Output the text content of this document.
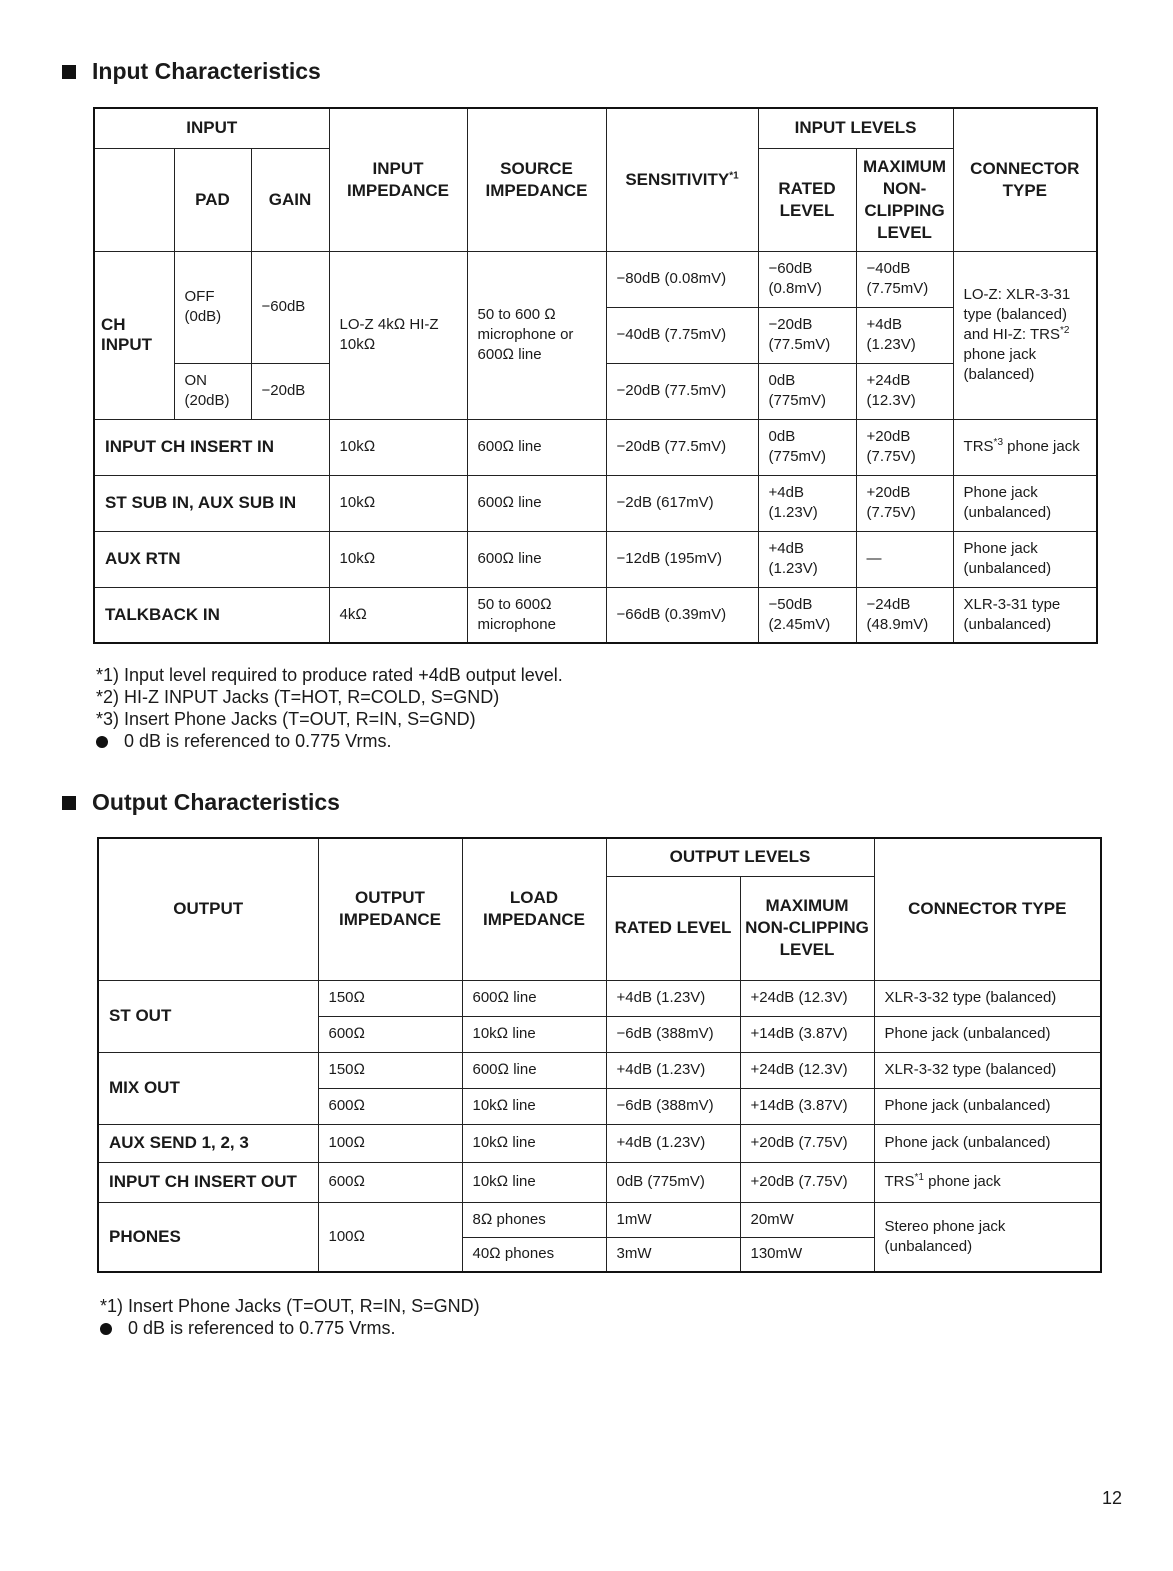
Input Characteristics
INPUT			INPUT IMPEDANCE	SOURCE IMPEDANCE	SENSITIVITY$^{*1}$	INPUT LEVELS		CONNECTOR TYPE
	PAD	GAIN				RATED LEVEL	MAXIMUM NON-CLIPPING LEVEL	
CH INPUT	OFF (0dB)	−60dB	LO-Z 4kΩ HI-Z 10kΩ	50 to 600 Ω microphone or 600Ω line	−80dB (0.08mV)	−60dB (0.8mV)	−40dB (7.75mV)	LO-Z: XLR-3-31 type (balanced) and HI-Z: TRS$^{*2}$ phone jack (balanced)
					−40dB (7.75mV)	−20dB (77.5mV)	+4dB (1.23V)	
	ON (20dB)	−20dB			−20dB (77.5mV)	0dB (775mV)	+24dB (12.3V)	
INPUT CH INSERT IN			10kΩ	600Ω line	−20dB (77.5mV)	0dB (775mV)	+20dB (7.75V)	TRS$^{*3}$ phone jack
ST SUB IN, AUX SUB IN			10kΩ	600Ω line	−2dB (617mV)	+4dB (1.23V)	+20dB (7.75V)	Phone jack (unbalanced)
AUX RTN			10kΩ	600Ω line	−12dB (195mV)	+4dB (1.23V)	—	Phone jack (unbalanced)
TALKBACK IN			4kΩ	50 to 600Ω microphone	−66dB (0.39mV)	−50dB (2.45mV)	−24dB (48.9mV)	XLR-3-31 type (unbalanced)
*1) Input level required to produce rated +4dB output level.
*2) HI-Z INPUT Jacks (T=HOT, R=COLD, S=GND)
*3) Insert Phone Jacks (T=OUT, R=IN, S=GND)
0 dB is referenced to 0.775 Vrms.
Output Characteristics
OUTPUT	OUTPUT IMPEDANCE	LOAD IMPEDANCE	OUTPUT LEVELS		CONNECTOR TYPE
			RATED LEVEL	MAXIMUM NON-CLIPPING LEVEL	
ST OUT	150Ω	600Ω line	+4dB (1.23V)	+24dB (12.3V)	XLR-3-32 type (balanced)
	600Ω	10kΩ line	−6dB (388mV)	+14dB (3.87V)	Phone jack (unbalanced)
MIX OUT	150Ω	600Ω line	+4dB (1.23V)	+24dB (12.3V)	XLR-3-32 type (balanced)
	600Ω	10kΩ line	−6dB (388mV)	+14dB (3.87V)	Phone jack (unbalanced)
AUX SEND 1, 2, 3	100Ω	10kΩ line	+4dB (1.23V)	+20dB (7.75V)	Phone jack (unbalanced)
INPUT CH INSERT OUT	600Ω	10kΩ line	0dB (775mV)	+20dB (7.75V)	TRS$^{*1}$ phone jack
PHONES	100Ω	8Ω phones	1mW	20mW	Stereo phone jack (unbalanced)
		40Ω phones	3mW	130mW	
*1) Insert Phone Jacks (T=OUT, R=IN, S=GND)
0 dB is referenced to 0.775 Vrms.
12
